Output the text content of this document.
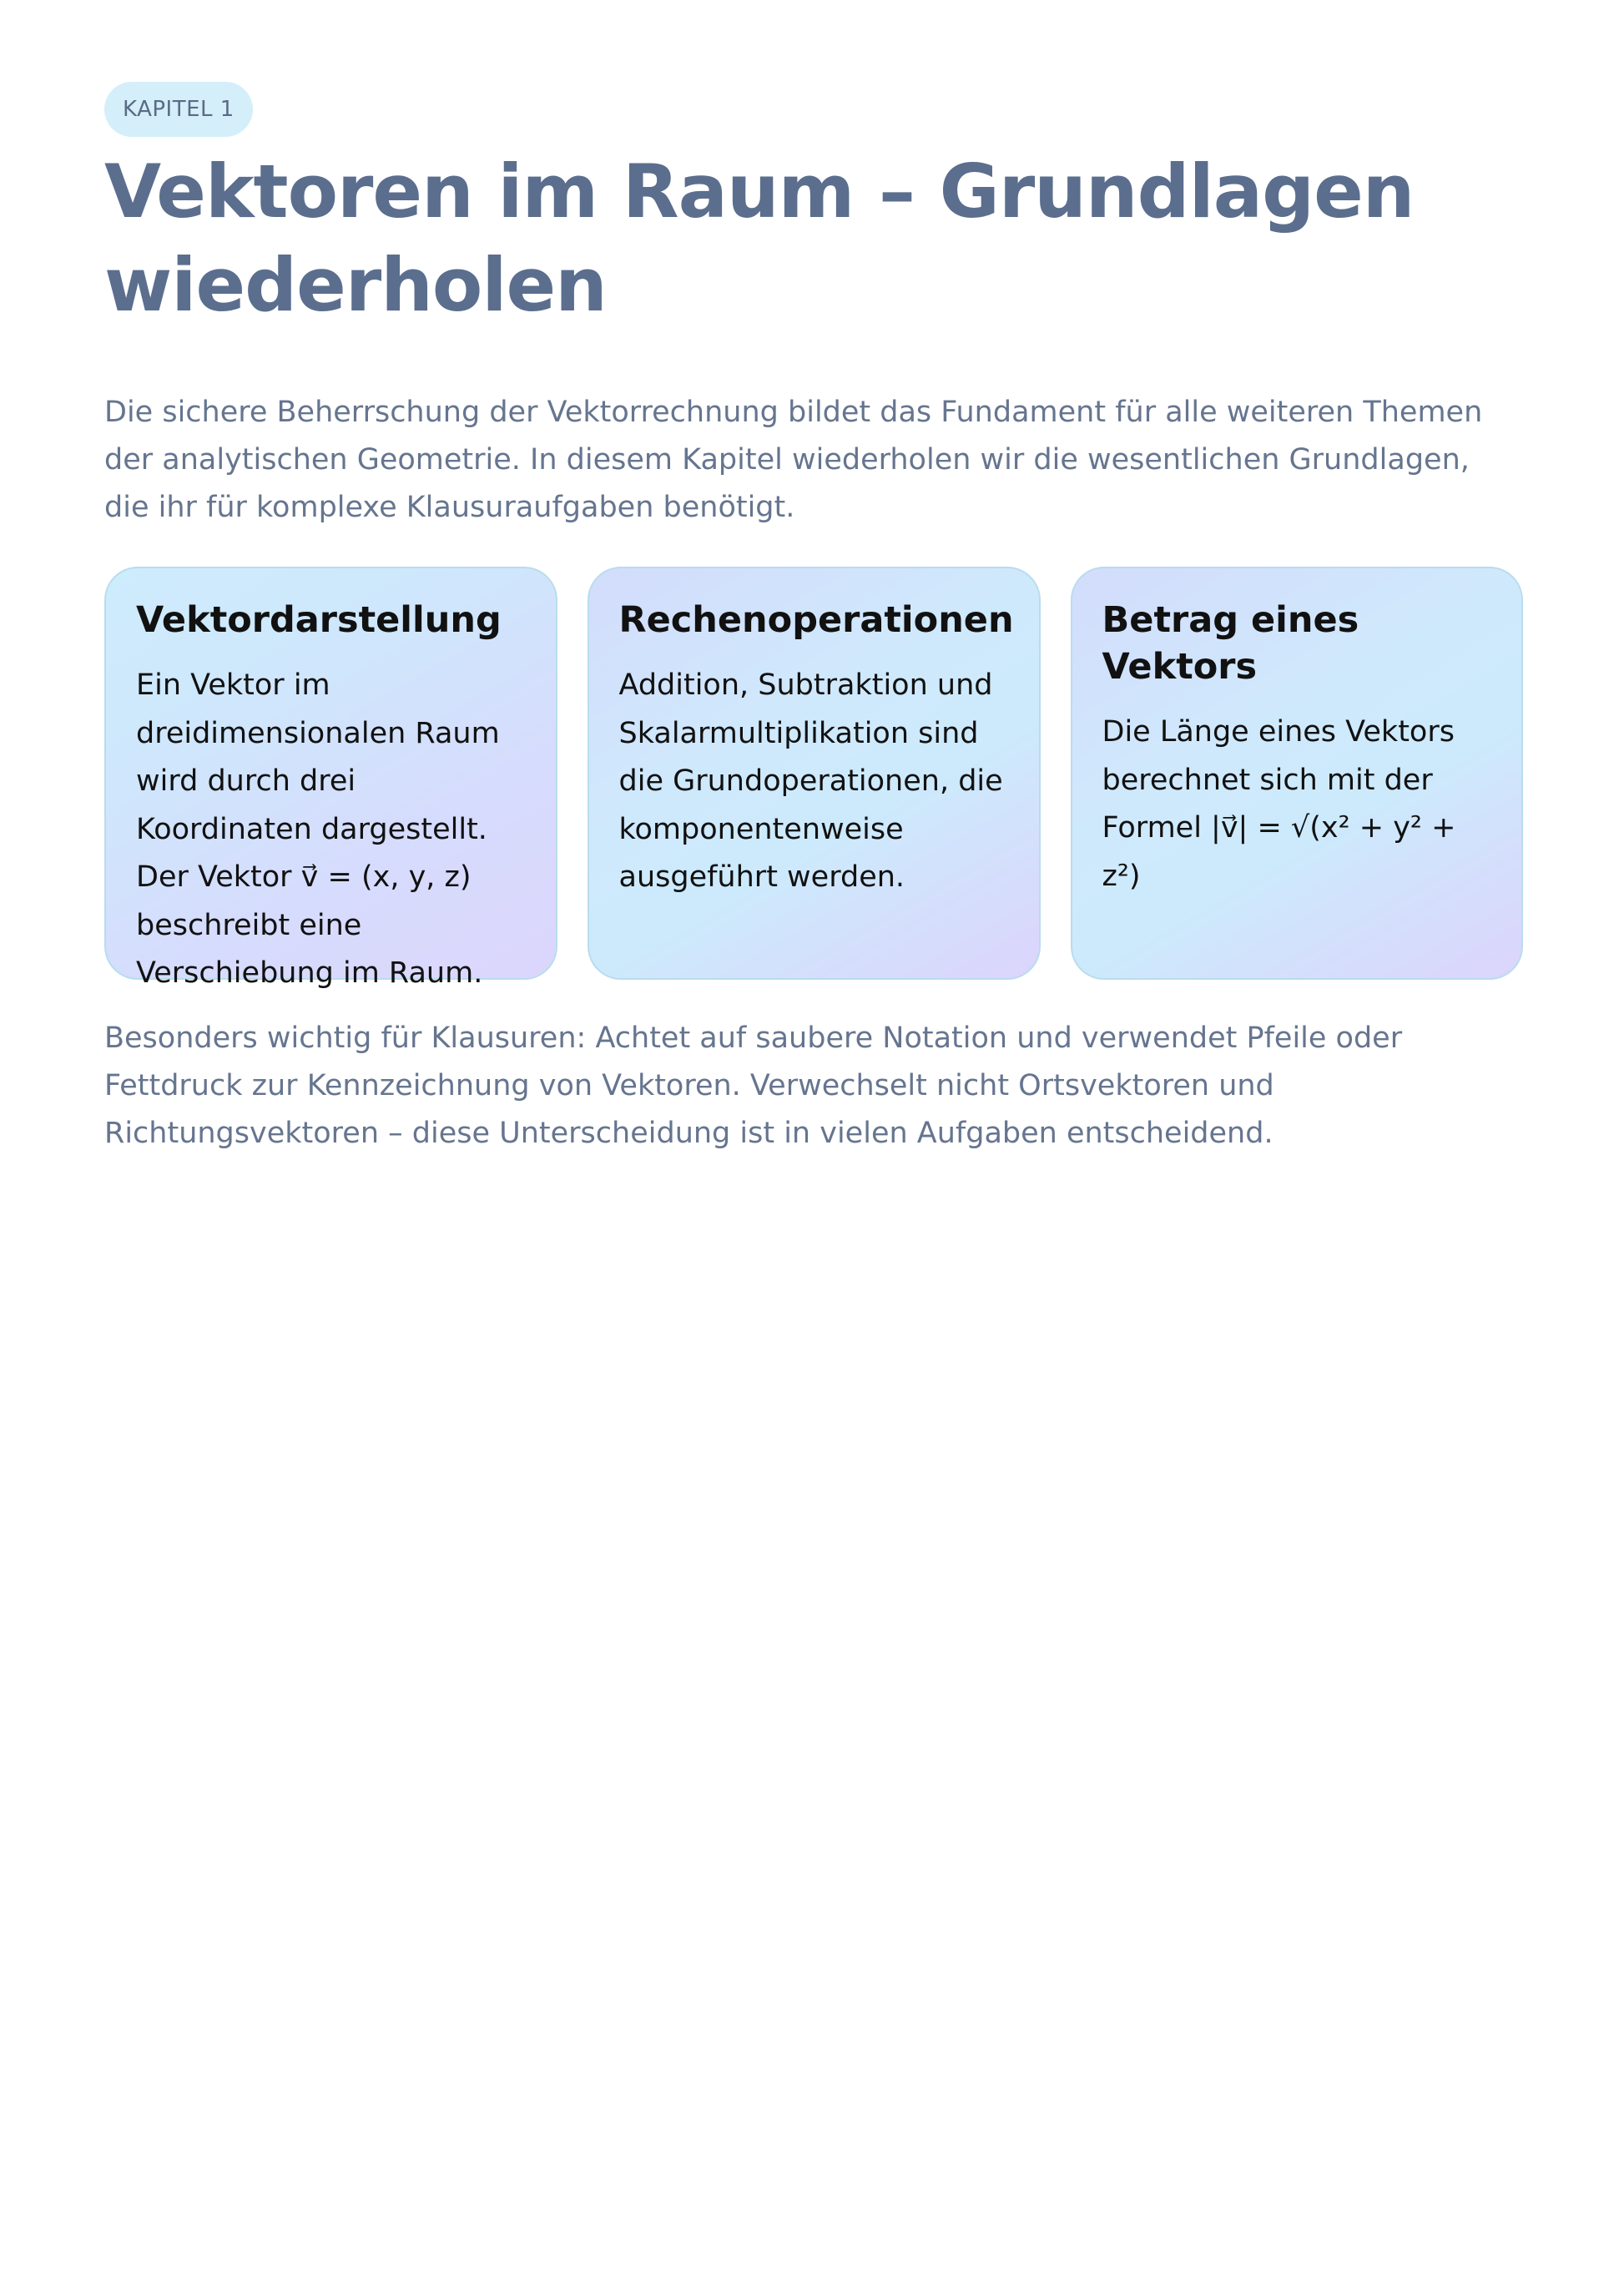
KAPITEL 1
Vektoren im Raum – Grundlagen wiederholen

Die sichere Beherrschung der Vektorrechnung bildet das Fundament für alle weiteren Themen der analytischen Geometrie. In diesem Kapitel wiederholen wir die wesentlichen Grundlagen, die ihr für komplexe Klausuraufgaben benötigt.

Vektordarstellung

Ein Vektor im dreidimensionalen Raum wird durch drei Koordinaten dargestellt. Der Vektor v⃗ = (x, y, z) beschreibt eine Verschiebung im Raum.

Rechenoperationen

Addition, Subtraktion und Skalarmultiplikation sind die Grundoperationen, die komponentenweise ausgeführt werden.

Betrag eines Vektors

Die Länge eines Vektors berechnet sich mit der Formel |v⃗| = √(x² + y² + z²)

Besonders wichtig für Klausuren: Achtet auf saubere Notation und verwendet Pfeile oder Fettdruck zur Kennzeichnung von Vektoren. Verwechselt nicht Ortsvektoren und Richtungsvektoren – diese Unterscheidung ist in vielen Aufgaben entscheidend.
